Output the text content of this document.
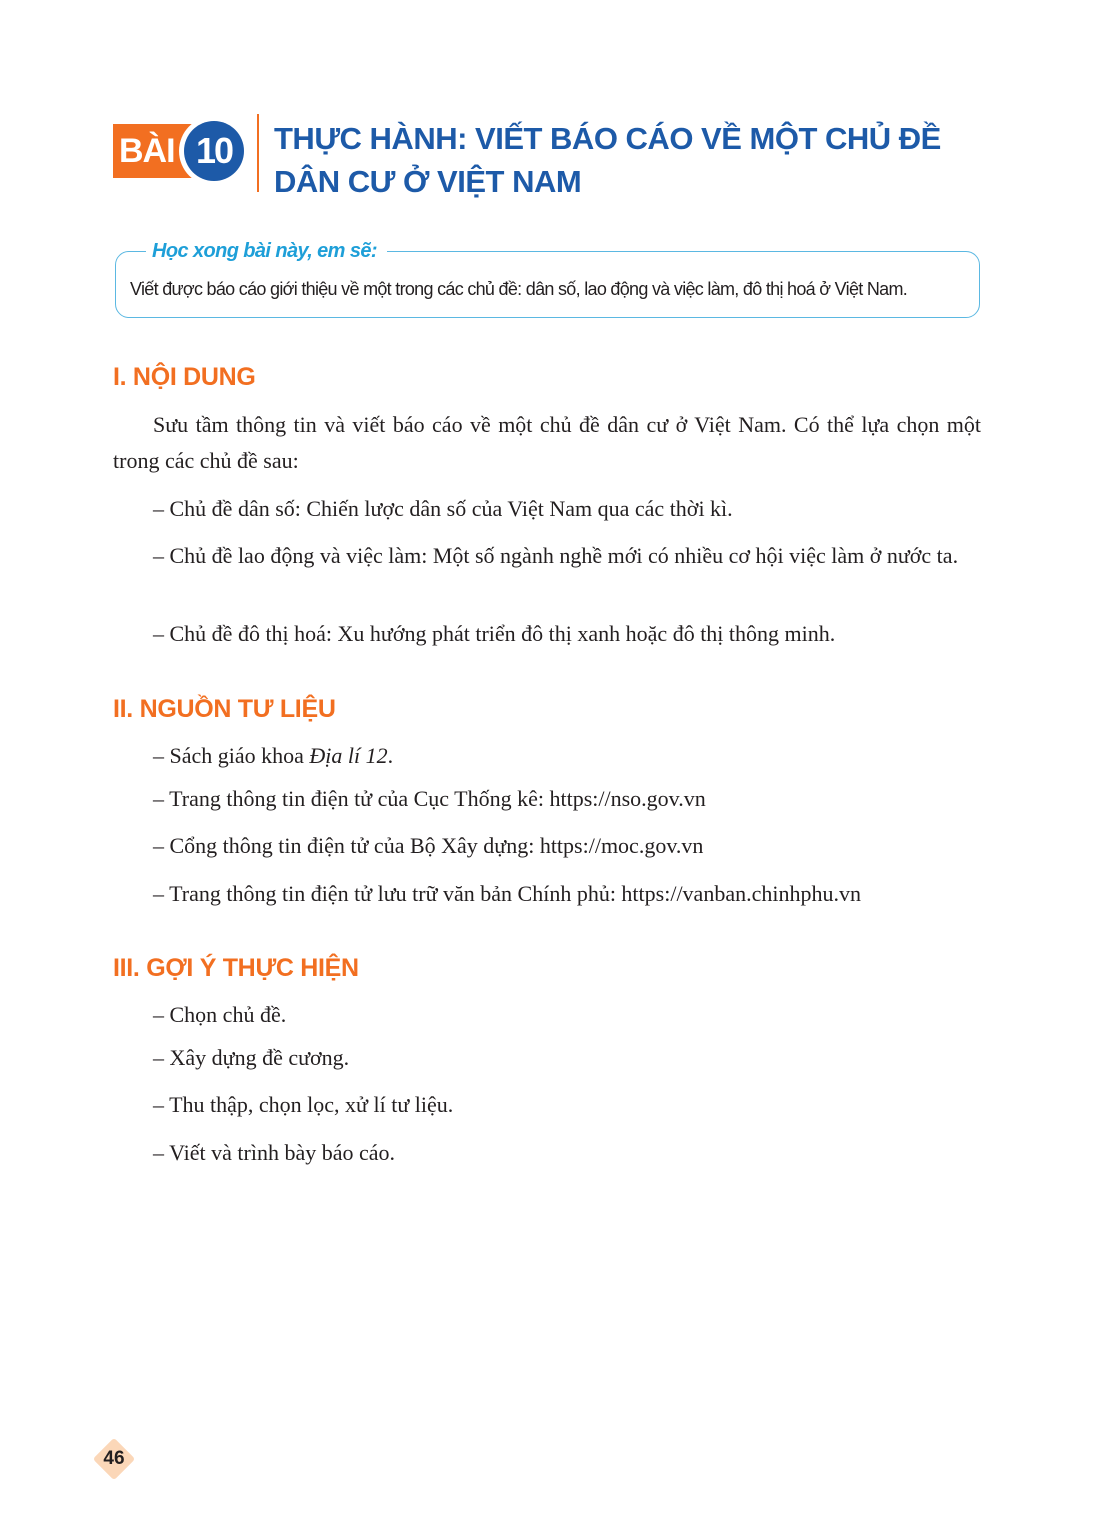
BÀI 10	THỰC HÀNH: VIẾT BÁO CÁO VỀ MỘT CHỦ ĐỀ
DÂN CƯ Ở VIỆT NAM
Học xong bài này, em sẽ:
Viết được báo cáo giới thiệu về một trong các chủ đề: dân số, lao động và việc làm, đô thị hoá ở Việt Nam.
I. NỘI DUNG

Sưu tầm thông tin và viết báo cáo về một chủ đề dân cư ở Việt Nam. Có thể lựa chọn một trong các chủ đề sau:

– Chủ đề dân số: Chiến lược dân số của Việt Nam qua các thời kì.

– Chủ đề lao động và việc làm: Một số ngành nghề mới có nhiều cơ hội việc làm ở nước ta.

– Chủ đề đô thị hoá: Xu hướng phát triển đô thị xanh hoặc đô thị thông minh.

II. NGUỒN TƯ LIỆU

– Sách giáo khoa Địa lí 12.

– Trang thông tin điện tử của Cục Thống kê: https://nso.gov.vn

– Cổng thông tin điện tử của Bộ Xây dựng: https://moc.gov.vn

– Trang thông tin điện tử lưu trữ văn bản Chính phủ: https://vanban.chinhphu.vn

III. GỢI Ý THỰC HIỆN

– Chọn chủ đề.

– Xây dựng đề cương.

– Thu thập, chọn lọc, xử lí tư liệu.

– Viết và trình bày báo cáo.

46
